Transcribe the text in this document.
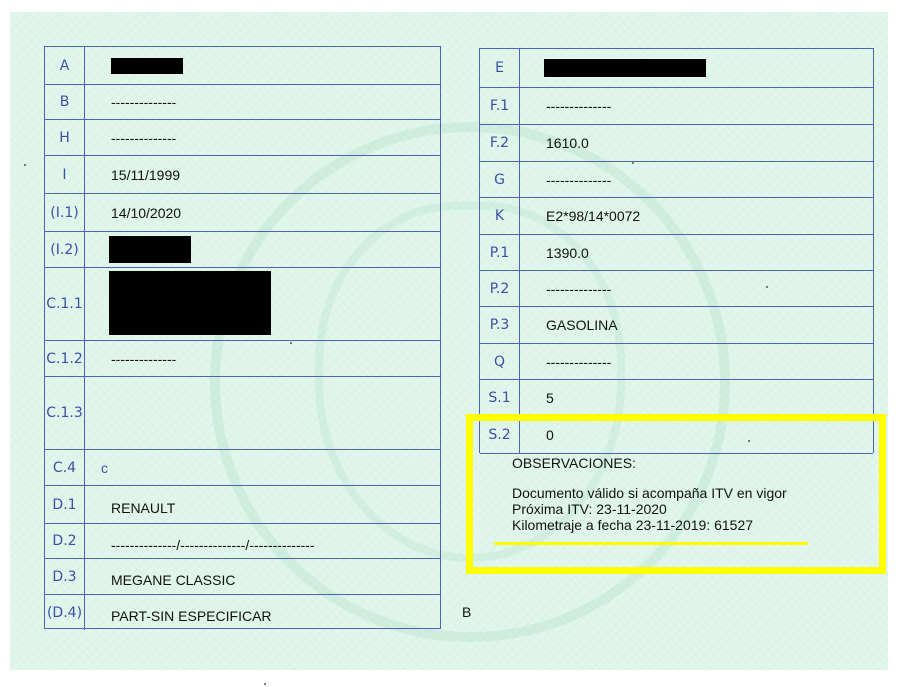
A
B	--------------
H	--------------
I	15/11/1999
(I.1)	14/10/2020
(I.2)
C.1.1
C.1.2	--------------
C.1.3
C.4	c
D.1	RENAULT
D.2	--------------/--------------/--------------
D.3	MEGANE CLASSIC
(D.4)	PART-SIN ESPECIFICAR
E
F.1	--------------
F.2	1610.0
G	--------------
K	E2*98/14*0072
P.1	1390.0
P.2	--------------
P.3	GASOLINA
Q	--------------
S.1	5
S.2	0
OBSERVACIONES:
Documento válido si acompaña ITV en vigor
Próxima ITV: 23-11-2020
Kilometraje a fecha 23-11-2019: 61527
B
